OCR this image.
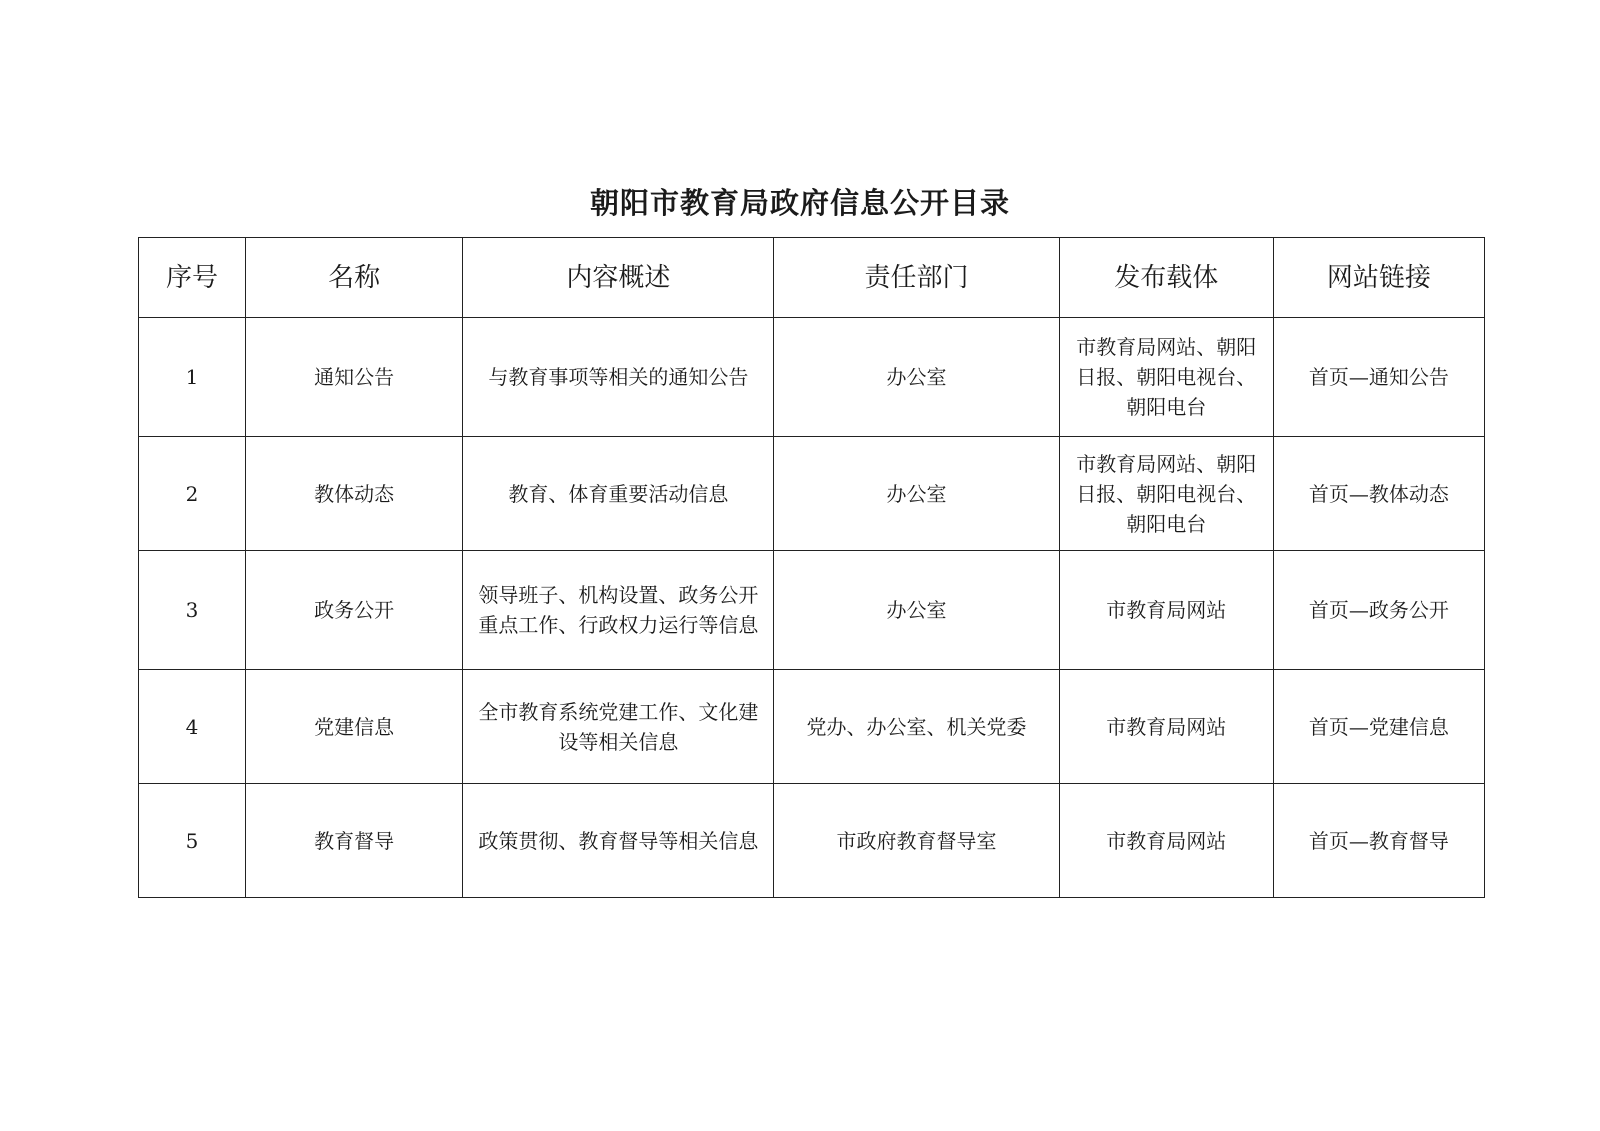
朝阳市教育局政府信息公开目录
序号	名称	内容概述	责任部门	发布载体	网站链接
1	通知公告	与教育事项等相关的通知公告	办公室	市教育局网站、朝阳日报、朝阳电视台、朝阳电台	首页—通知公告
2	教体动态	教育、体育重要活动信息	办公室	市教育局网站、朝阳日报、朝阳电视台、朝阳电台	首页—教体动态
3	政务公开	领导班子、机构设置、政务公开重点工作、行政权力运行等信息	办公室	市教育局网站	首页—政务公开
4	党建信息	全市教育系统党建工作、文化建设等相关信息	党办、办公室、机关党委	市教育局网站	首页—党建信息
5	教育督导	政策贯彻、教育督导等相关信息	市政府教育督导室	市教育局网站	首页—教育督导
